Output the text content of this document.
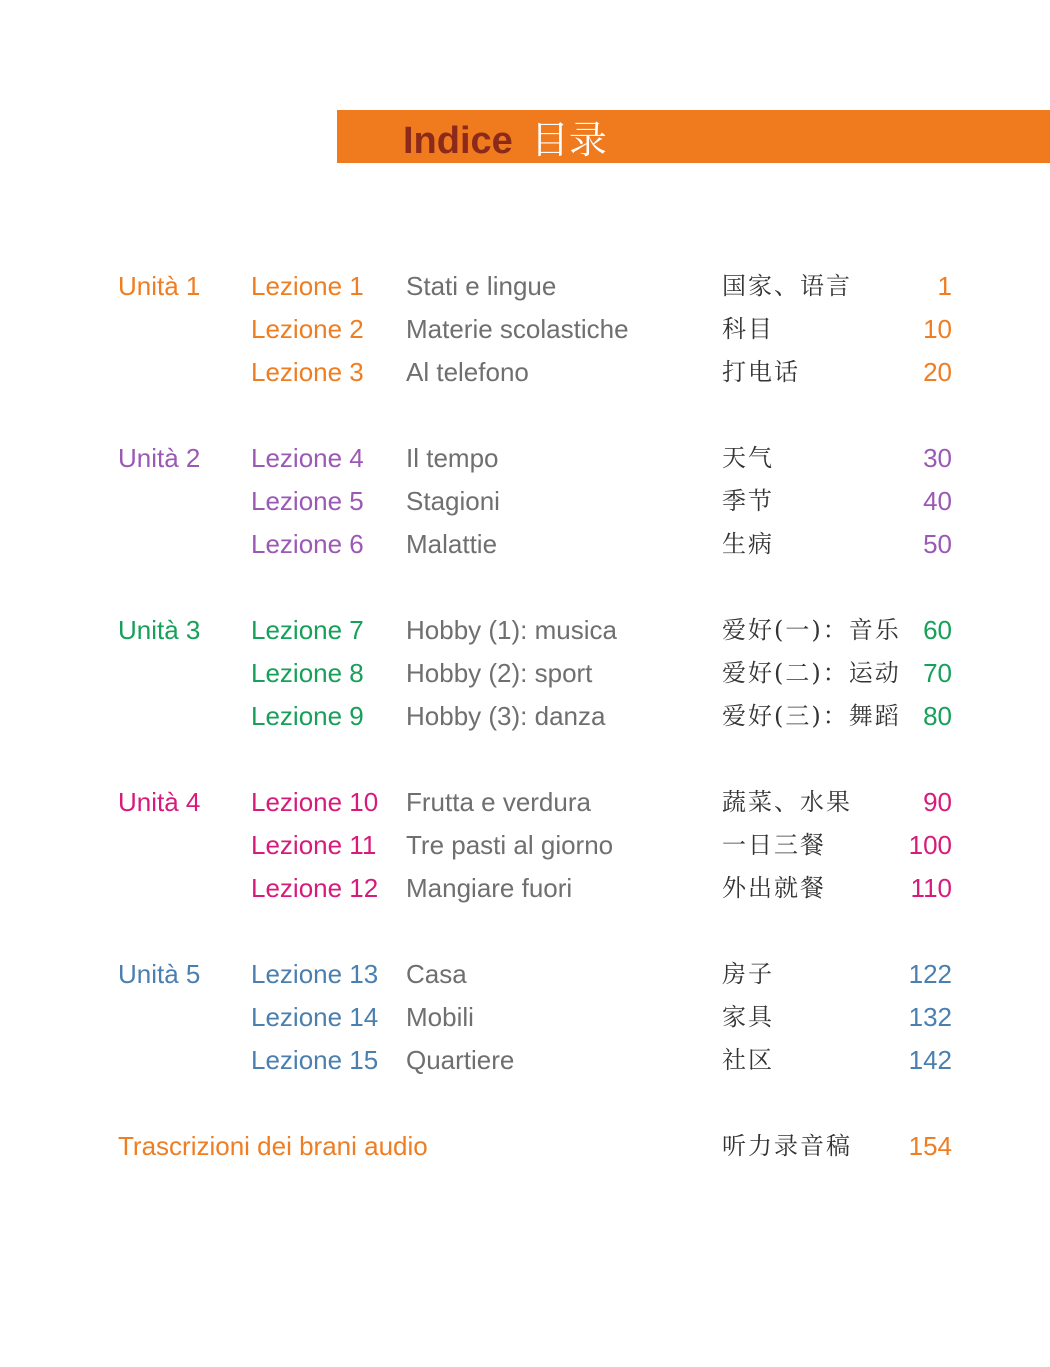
Indice 目录
Unità 1 Lezione 1 Stati e lingue	国家、语言	1
Lezione 2 Materie scolastiche	科目	10
Lezione 3 Al telefono	打电话	20
Unità 2 Lezione 4 Il tempo	天气	30
Lezione 5 Stagioni	季节	40
Lezione 6 Malattie	生病	50
Unità 3 Lezione 7 Hobby (1): musica	爱好(一)：音乐 60
Lezione 8 Hobby (2): sport	爱好(二)：运动 70
Lezione 9 Hobby (3): danza	爱好(三)：舞蹈 80
Unità 4 Lezione 10 Frutta e verdura	蔬菜、水果	90
Lezione 11 Tre pasti al giorno	一日三餐	100
Lezione 12 Mangiare fuori	外出就餐	110
Unità 5 Lezione 13 Casa	房子	122
Lezione 14 Mobili	家具	132
Lezione 15 Quartiere	社区	142
Trascrizioni dei brani audio	听力录音稿 154
